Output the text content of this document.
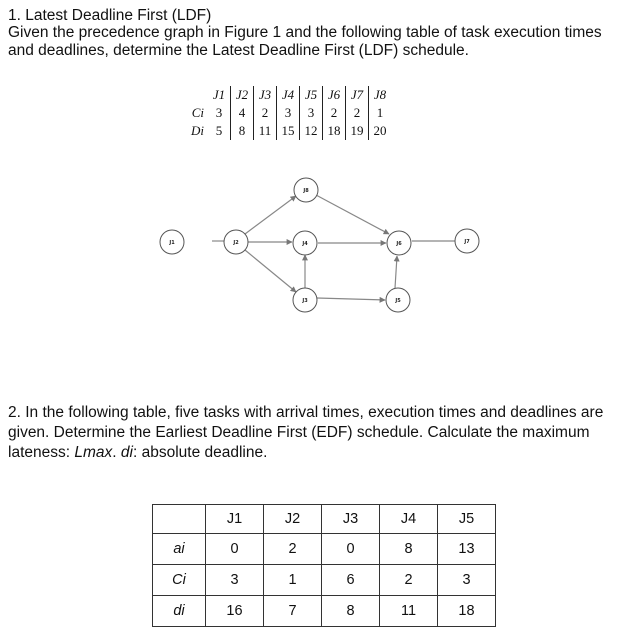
1. Latest Deadline First (LDF)

Given the precedence graph in Figure 1 and the following table of task execution times

and deadlines, determine the Latest Deadline First (LDF) schedule.

	J1	J2	J3	J4	J5	J6	J7	J8
Ci	3	4	2	3	3	2	2	1
Di	5	8	11	15	12	18	19	20
J1	J2
J3
J4
J5
J6	J7
J8

2. In the following table, five tasks with arrival times, execution times and deadlines are

given. Determine the Earliest Deadline First (EDF) schedule. Calculate the maximum

lateness: Lmax. di: absolute deadline.

	J1	J2	J3	J4	J5
ai	0	2	0	8	13
Ci	3	1	6	2	3
di	16	7	8	11	18
